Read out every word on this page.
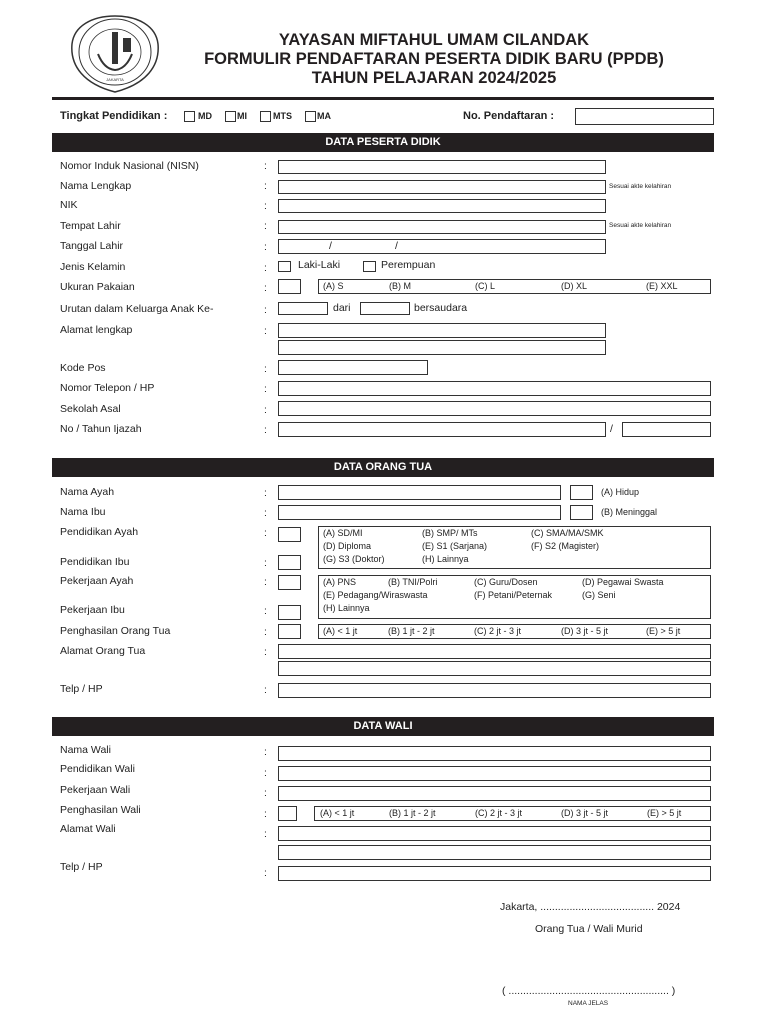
JAKARTA
YAYASAN MIFTAHUL UMAM CILANDAK
FORMULIR PENDAFTARAN PESERTA DIDIK BARU (PPDB)
TAHUN PELAJARAN 2024/2025
Tingkat Pendidikan :	MD	MI	MTS	MA	No. Pendaftaran :
DATA PESERTA DIDIK
Nomor Induk Nasional (NISN)	:
Nama Lengkap	:	Sesuai akte kelahiran
NIK	:
Tempat Lahir	:	Sesuai akte kelahiran
Tanggal Lahir	:	/	/
Jenis Kelamin	:	Laki-Laki	Perempuan
Ukuran Pakaian	:	(A) S	(B) M	(C) L	(D) XL	(E) XXL
Urutan dalam Keluarga Anak Ke-	:	dari	bersaudara
Alamat lengkap	:
Kode Pos	:
Nomor Telepon / HP	:
Sekolah Asal	:
No / Tahun Ijazah	:	/
DATA ORANG TUA
Nama Ayah	:	(A) Hidup
Nama Ibu	:	(B) Meninggal
Pendidikan Ayah	:
Pendidikan Ibu	:
(A) SD/MI	(B) SMP/ MTs	(C) SMA/MA/SMK
(D) Diploma	(E) S1 (Sarjana)	(F) S2 (Magister)
(G) S3 (Doktor)	(H) Lainnya
Pekerjaan Ayah	:
Pekerjaan Ibu	:
(A) PNS	(B) TNI/Polri	(C) Guru/Dosen	(D) Pegawai Swasta
(E) Pedagang/Wiraswasta	(F) Petani/Peternak	(G) Seni
(H) Lainnya
Penghasilan Orang Tua	:	(A) < 1 jt	(B) 1 jt - 2 jt	(C) 2 jt - 3 jt	(D) 3 jt - 5 jt	(E) > 5 jt
Alamat Orang Tua	:
Telp / HP	:
DATA WALI
Nama Wali	:
Pendidikan Wali	:
Pekerjaan Wali	:
Penghasilan Wali	:	(A) < 1 jt	(B) 1 jt - 2 jt	(C) 2 jt - 3 jt	(D) 3 jt - 5 jt	(E) > 5 jt
Alamat Wali	:
Telp / HP	:
Jakarta, ....................................... 2024
Orang Tua / Wali Murid
( ....................................................... )
NAMA JELAS
